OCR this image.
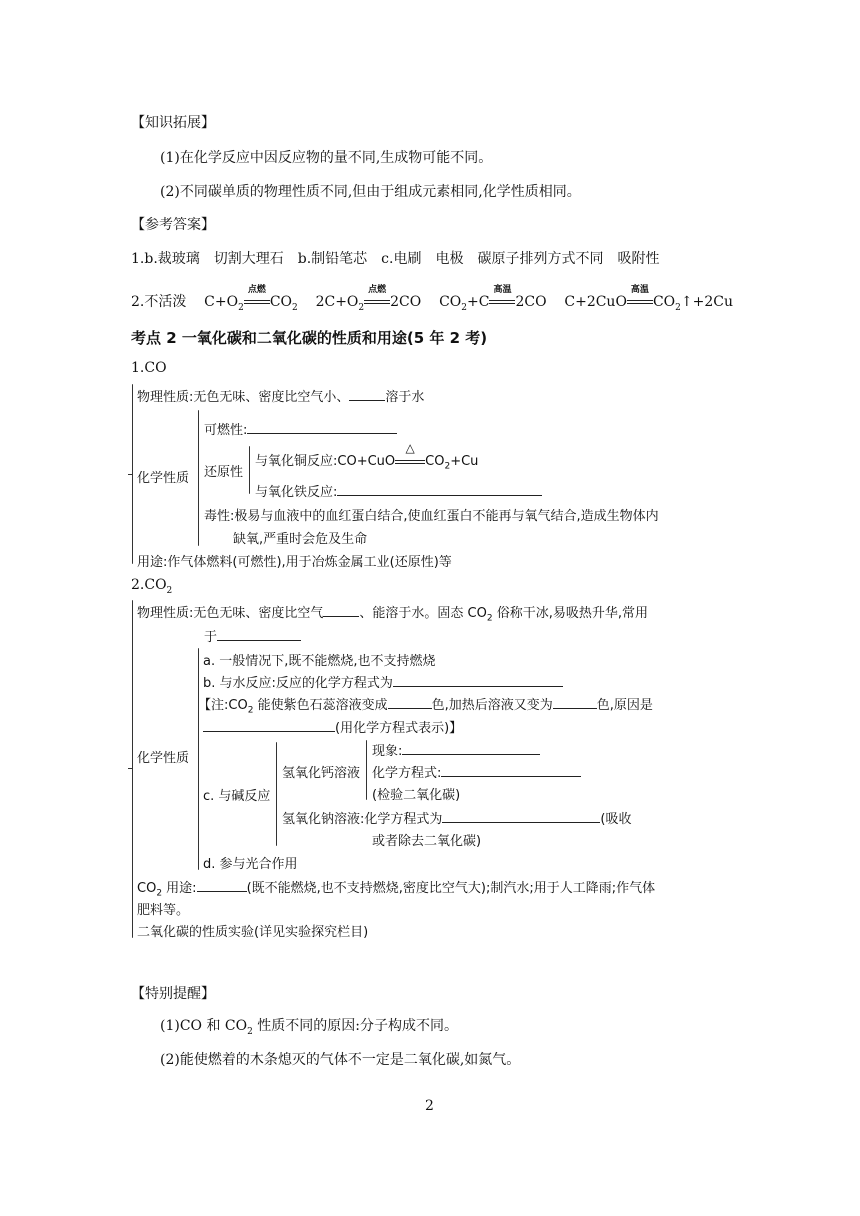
【知识拓展】
(1)在化学反应中因反应物的量不同,生成物可能不同。
(2)不同碳单质的物理性质不同,但由于组成元素相同,化学性质相同。
【参考答案】
1.b.裁玻璃　切割大理石　b.制铅笔芯　c.电刷　电极　碳原子排列方式不同　吸附性
2.不活泼 $C+O_2$
点燃
$CO_2$ $2C+O_2$
点燃
2CO $CO_2+C$
高温
2CO C+2CuO
高温
$CO_2↑+2Cu$
考点 2 一氧化碳和二氧化碳的性质和用途(5 年 2 考)
1.CO
物理性质:无色无味、密度比空气小、	溶于水
化学性质
可燃性:
还原性
与氧化铜反应:CO+CuO
△
$CO_2+Cu$
与氧化铁反应:
毒性:极易与血液中的血红蛋白结合,使血红蛋白不能再与氧气结合,造成生物体内
缺氧,严重时会危及生命
用途:作气体燃料(可燃性),用于冶炼金属工业(还原性)等
$2.CO_2$
物理性质:无色无味、密度比空气	、能溶于水。固态 $CO_2$ 俗称干冰,易吸热升华,常用
于
化学性质
a. 一般情况下,既不能燃烧,也不支持燃烧
b. 与水反应:反应的化学方程式为
【注$:CO_2$ 能使紫色石蕊溶液变成	色,加热后溶液又变为	色,原因是
(用化学方程式表示)】
c. 与碱反应
氢氧化钙溶液
现象:
化学方程式:
(检验二氧化碳)
氢氧化钠溶液:化学方程式为	(吸收
或者除去二氧化碳)
d. 参与光合作用
$CO_2$ 用途:	(既不能燃烧,也不支持燃烧,密度比空气大);制汽水;用于人工降雨;作气体
肥料等。
二氧化碳的性质实验(详见实验探究栏目)
【特别提醒】
(1)CO 和 $CO_2$ 性质不同的原因:分子构成不同。
(2)能使燃着的木条熄灭的气体不一定是二氧化碳,如氮气。
2
